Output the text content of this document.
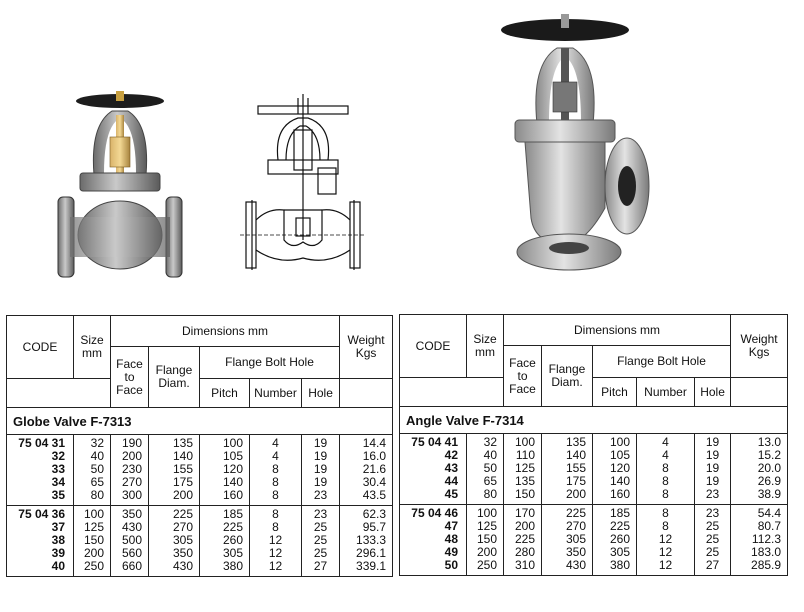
CODE	Size mm	Dimensions mm					Weight Kgs
		Face to Face	Flange Diam.	Flange Bolt Hole			
				Pitch	Number	Hole	
Globe Valve F-7313							
75 04 31	32	190	135	100	4	19	14.4
32	40	200	140	105	4	19	16.0
33	50	230	155	120	8	19	21.6
34	65	270	175	140	8	19	30.4
35	80	300	200	160	8	23	43.5
75 04 36	100	350	225	185	8	23	62.3
37	125	430	270	225	8	25	95.7
38	150	500	305	260	12	25	133.3
39	200	560	350	305	12	25	296.1
40	250	660	430	380	12	27	339.1
CODE	Size mm	Dimensions mm					Weight Kgs
		Face to Face	Flange Diam.	Flange Bolt Hole			
				Pitch	Number	Hole	
Angle Valve F-7314							
75 04 41	32	100	135	100	4	19	13.0
42	40	110	140	105	4	19	15.2
43	50	125	155	120	8	19	20.0
44	65	135	175	140	8	19	26.9
45	80	150	200	160	8	23	38.9
75 04 46	100	170	225	185	8	23	54.4
47	125	200	270	225	8	25	80.7
48	150	225	305	260	12	25	112.3
49	200	280	350	305	12	25	183.0
50	250	310	430	380	12	27	285.9
